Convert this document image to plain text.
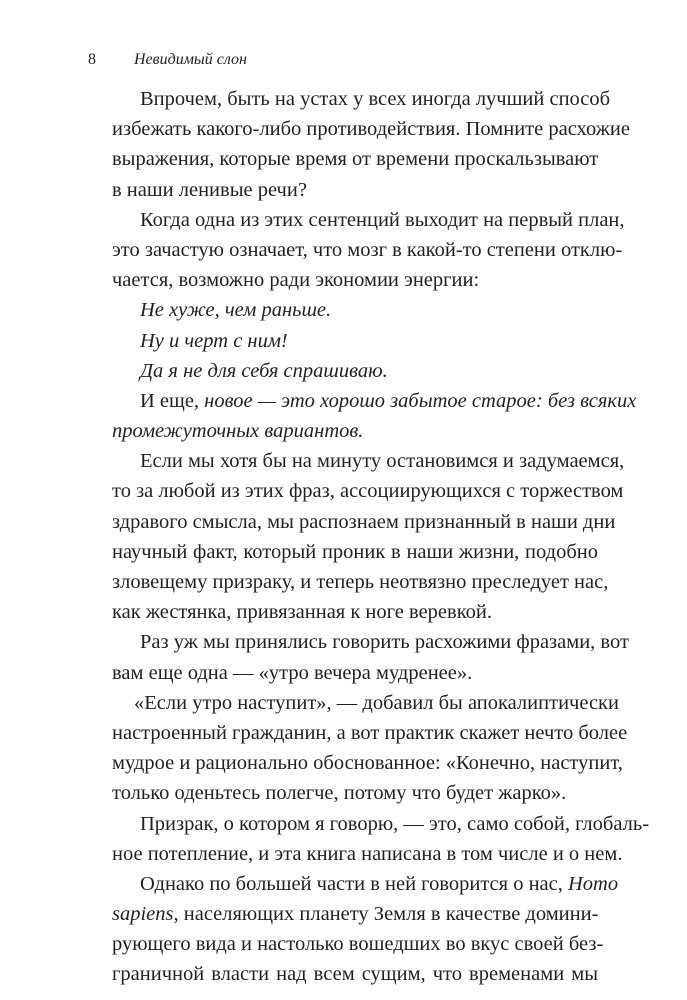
8 Невидимый слон
Впрочем, быть на устах у всех иногда лучший способ
избежать какого-либо противодействия. Помните расхожие
выражения, которые время от времени проскальзывают
в наши ленивые речи?
Когда одна из этих сентенций выходит на первый план,
это зачастую означает, что мозг в какой-то степени отклю-
чается, возможно ради экономии энергии:
Не хуже, чем раньше.
Ну и черт с ним!
Да я не для себя спрашиваю.
И еще, новое — это хорошо забытое старое: без всяких
промежуточных вариантов.
Если мы хотя бы на минуту остановимся и задумаемся,
то за любой из этих фраз, ассоциирующихся с торжеством
здравого смысла, мы распознаем признанный в наши дни
научный факт, который проник в наши жизни, подобно
зловещему призраку, и теперь неотвязно преследует нас,
как жестянка, привязанная к ноге веревкой.
Раз уж мы принялись говорить расхожими фразами, вот
вам еще одна — «утро вечера мудренее».
«Если утро наступит», — добавил бы апокалиптически
настроенный гражданин, а вот практик скажет нечто более
мудрое и рационально обоснованное: «Конечно, наступит,
только оденьтесь полегче, потому что будет жарко».
Призрак, о котором я говорю, — это, само собой, глобаль-
ное потепление, и эта книга написана в том числе и о нем.
Однако по большей части в ней говорится о нас, Homo
sapiens, населяющих планету Земля в качестве домини-
рующего вида и настолько вошедших во вкус своей без-
граничной власти над всем сущим, что временами мы
